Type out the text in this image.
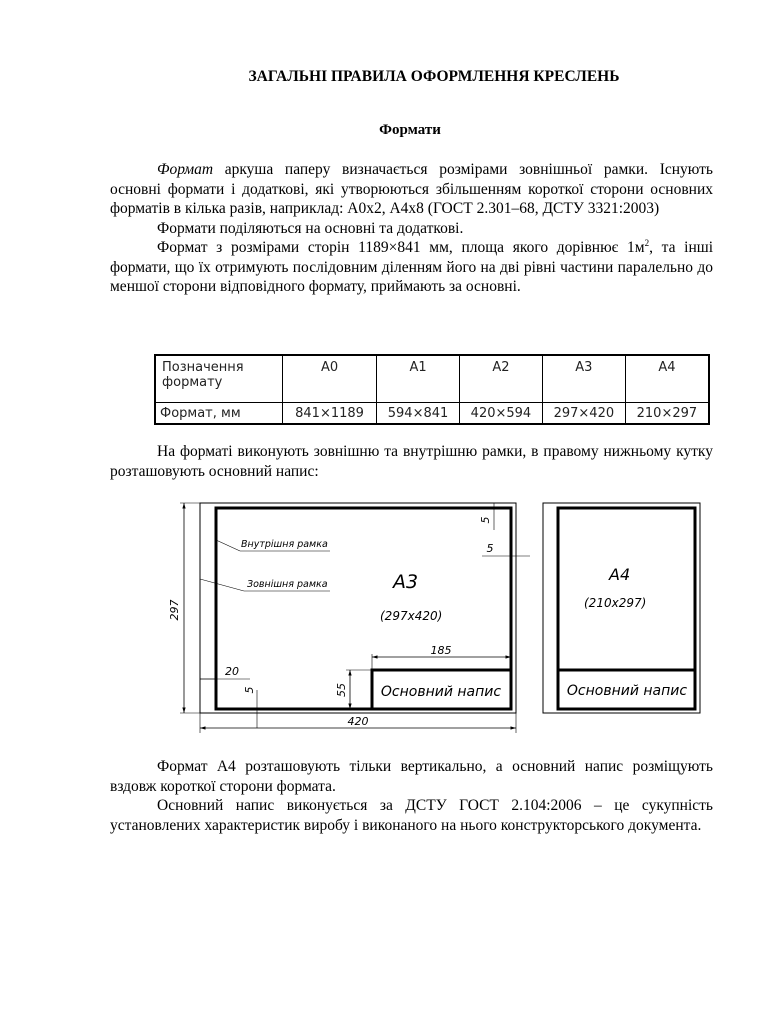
ЗАГАЛЬНІ ПРАВИЛА ОФОРМЛЕННЯ КРЕСЛЕНЬ
Формати

Формат аркуша паперу визначається розмірами зовнішньої рамки. Існують основні формати і додаткові, які утворюються збільшенням короткої сторони основних форматів в кілька разів, наприклад: А0х2, А4х8 (ГОСТ 2.301–68, ДСТУ 3321:2003)

Формати поділяються на основні та додаткові.

Формат з розмірами сторін 1189×841 мм, площа якого дорівнює $1м^2$, та інші формати, що їх отримують послідовним діленням його на дві рівні частини паралельно до меншої сторони відповідного формату, приймають за основні.

Позначення формату	А0	А1	А2	А3	А4
Формат, мм	841×1189	594×841	420×594	297×420	210×297

На форматі виконують зовнішню та внутрішню рамки, в правому нижньому кутку розташовують основний напис:

297
420
185
55
20
5
5
5
Внутрішня рамка
Зовнішня рамка	А3
(297х420)
Основний напис
А4
(210х297)
Основний напис

Формат А4 розташовують тільки вертикально, а основний напис розміщують вздовж короткої сторони формата.

Основний напис виконується за ДСТУ ГОСТ 2.104:2006 – це сукупність установлених характеристик виробу і виконаного на нього конструкторського документа.
